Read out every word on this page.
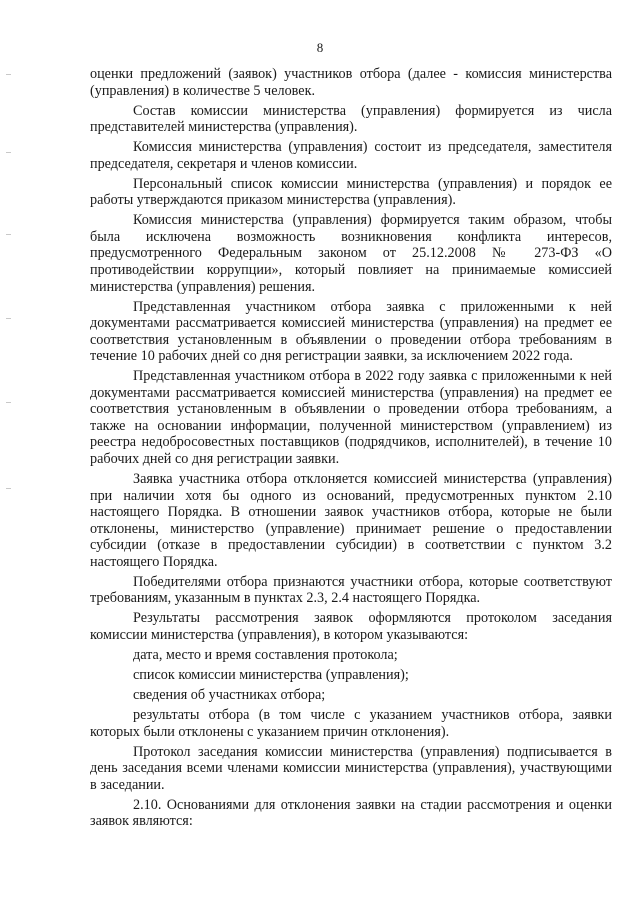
8

оценки предложений (заявок) участников отбора (далее - комиссия министерства (управления) в количестве 5 человек.

Состав комиссии министерства (управления) формируется из числа представителей министерства (управления).

Комиссия министерства (управления) состоит из председателя, заместителя председателя, секретаря и членов комиссии.

Персональный список комиссии министерства (управления) и порядок ее работы утверждаются приказом министерства (управления).

Комиссия министерства (управления) формируется таким образом, чтобы была исключена возможность возникновения конфликта интересов, предусмотренного Федеральным законом от 25.12.2008 № 273-ФЗ «О противодействии коррупции», который повлияет на принимаемые комиссией министерства (управления) решения.

Представленная участником отбора заявка с приложенными к ней документами рассматривается комиссией министерства (управления) на предмет ее соответствия установленным в объявлении о проведении отбора требованиям в течение 10 рабочих дней со дня регистрации заявки, за исключением 2022 года.

Представленная участником отбора в 2022 году заявка с приложенными к ней документами рассматривается комиссией министерства (управления) на предмет ее соответствия установленным в объявлении о проведении отбора требованиям, а также на основании информации, полученной министерством (управлением) из реестра недобросовестных поставщиков (подрядчиков, исполнителей), в течение 10 рабочих дней со дня регистрации заявки.

Заявка участника отбора отклоняется комиссией министерства (управления) при наличии хотя бы одного из оснований, предусмотренных пунктом 2.10 настоящего Порядка. В отношении заявок участников отбора, которые не были отклонены, министерство (управление) принимает решение о предоставлении субсидии (отказе в предоставлении субсидии) в соответствии с пунктом 3.2 настоящего Порядка.

Победителями отбора признаются участники отбора, которые соответствуют требованиям, указанным в пунктах 2.3, 2.4 настоящего Порядка.

Результаты рассмотрения заявок оформляются протоколом заседания комиссии министерства (управления), в котором указываются:

дата, место и время составления протокола;

список комиссии министерства (управления);

сведения об участниках отбора;

результаты отбора (в том числе с указанием участников отбора, заявки которых были отклонены с указанием причин отклонения).

Протокол заседания комиссии министерства (управления) подписывается в день заседания всеми членами комиссии министерства (управления), участвующими в заседании.

2.10. Основаниями для отклонения заявки на стадии рассмотрения и оценки заявок являются:
